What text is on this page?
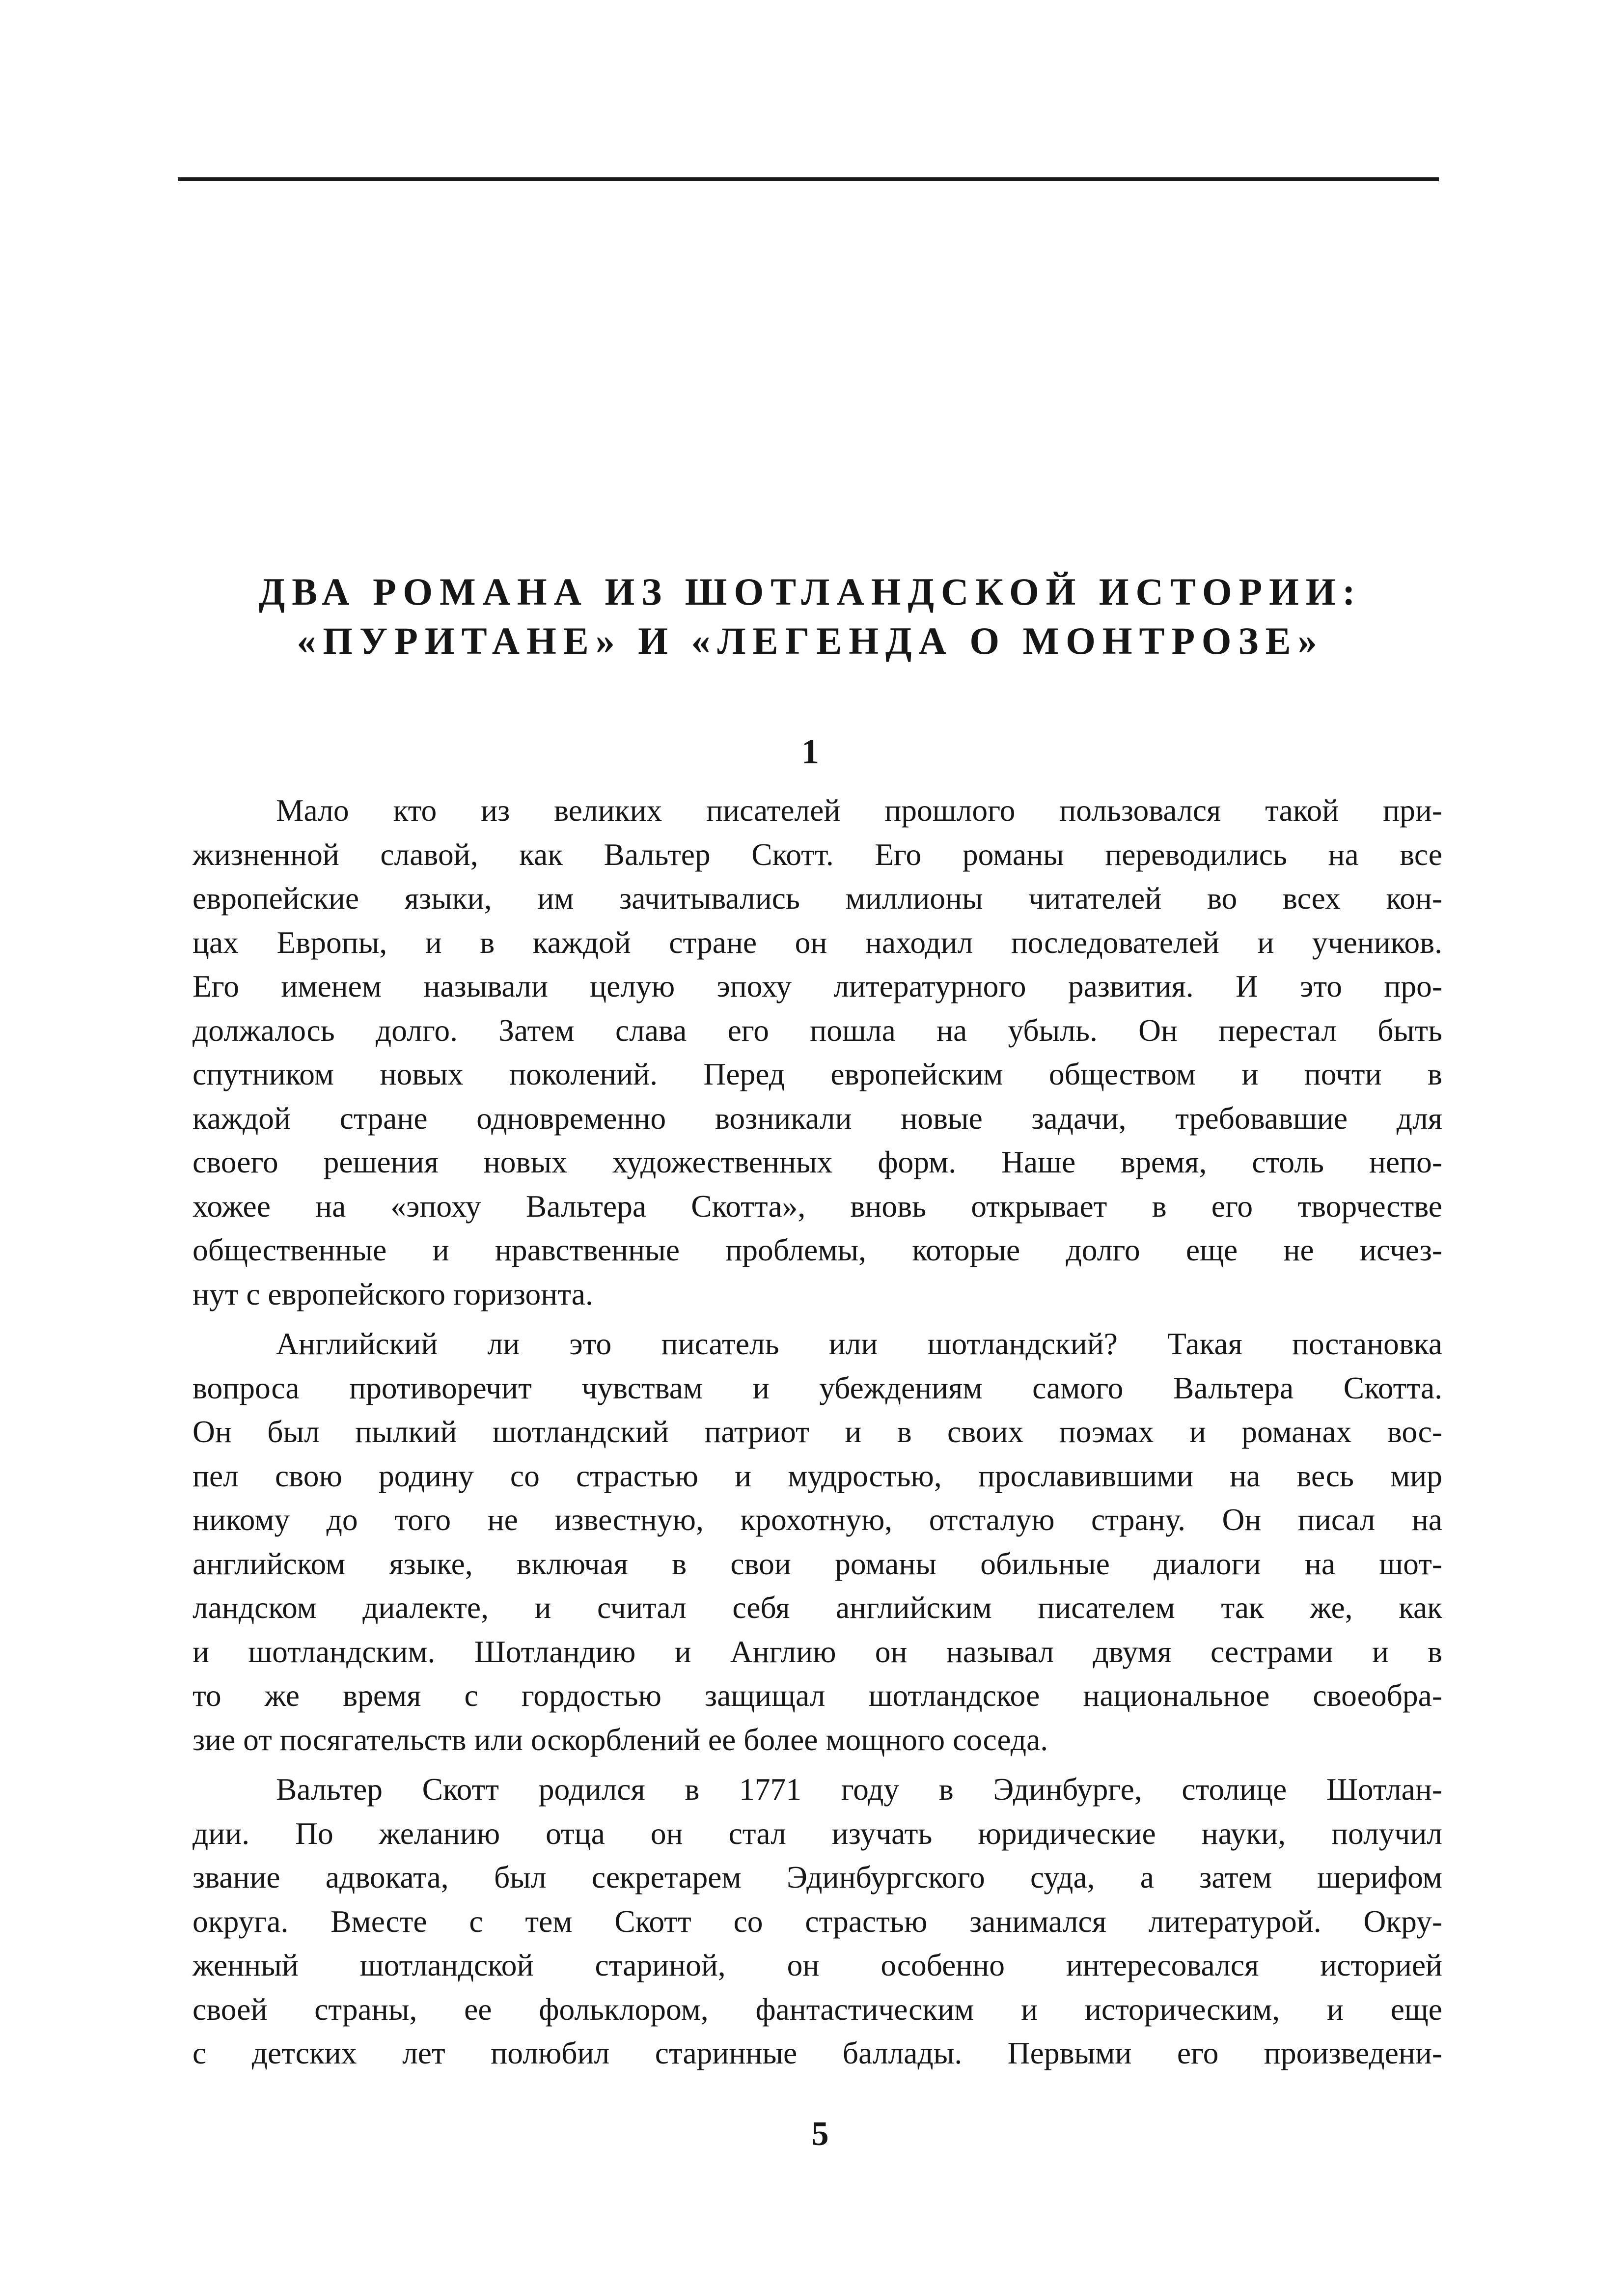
ДВА РОМАНА ИЗ ШОТЛАНДСКОЙ ИСТОРИИ:
«ПУРИТАНЕ» И «ЛЕГЕНДА О МОНТРОЗЕ»
1
Мало кто из великих писателей прошлого пользовался такой при-
жизненной славой, как Вальтер Скотт. Его романы переводились на все
европейские языки, им зачитывались миллионы читателей во всех кон-
цах Европы, и в каждой стране он находил последователей и учеников.
Его именем называли целую эпоху литературного развития. И это про-
должалось долго. Затем слава его пошла на убыль. Он перестал быть
спутником новых поколений. Перед европейским обществом и почти в
каждой стране одновременно возникали новые задачи, требовавшие для
своего решения новых художественных форм. Наше время, столь непо-
хожее на «эпоху Вальтера Скотта», вновь открывает в его творчестве
общественные и нравственные проблемы, которые долго еще не исчез-
нут с европейского горизонта.
Английский ли это писатель или шотландский? Такая постановка
вопроса противоречит чувствам и убеждениям самого Вальтера Скотта.
Он был пылкий шотландский патриот и в своих поэмах и романах вос-
пел свою родину со страстью и мудростью, прославившими на весь мир
никому до того не известную, крохотную, отсталую страну. Он писал на
английском языке, включая в свои романы обильные диалоги на шот-
ландском диалекте, и считал себя английским писателем так же, как
и шотландским. Шотландию и Англию он называл двумя сестрами и в
то же время с гордостью защищал шотландское национальное своеобра-
зие от посягательств или оскорблений ее более мощного соседа.
Вальтер Скотт родился в 1771 году в Эдинбурге, столице Шотлан-
дии. По желанию отца он стал изучать юридические науки, получил
звание адвоката, был секретарем Эдинбургского суда, а затем шерифом
округа. Вместе с тем Скотт со страстью занимался литературой. Окру-
женный шотландской стариной, он особенно интересовался историей
своей страны, ее фольклором, фантастическим и историческим, и еще
с детских лет полюбил старинные баллады. Первыми его произведени-
5
